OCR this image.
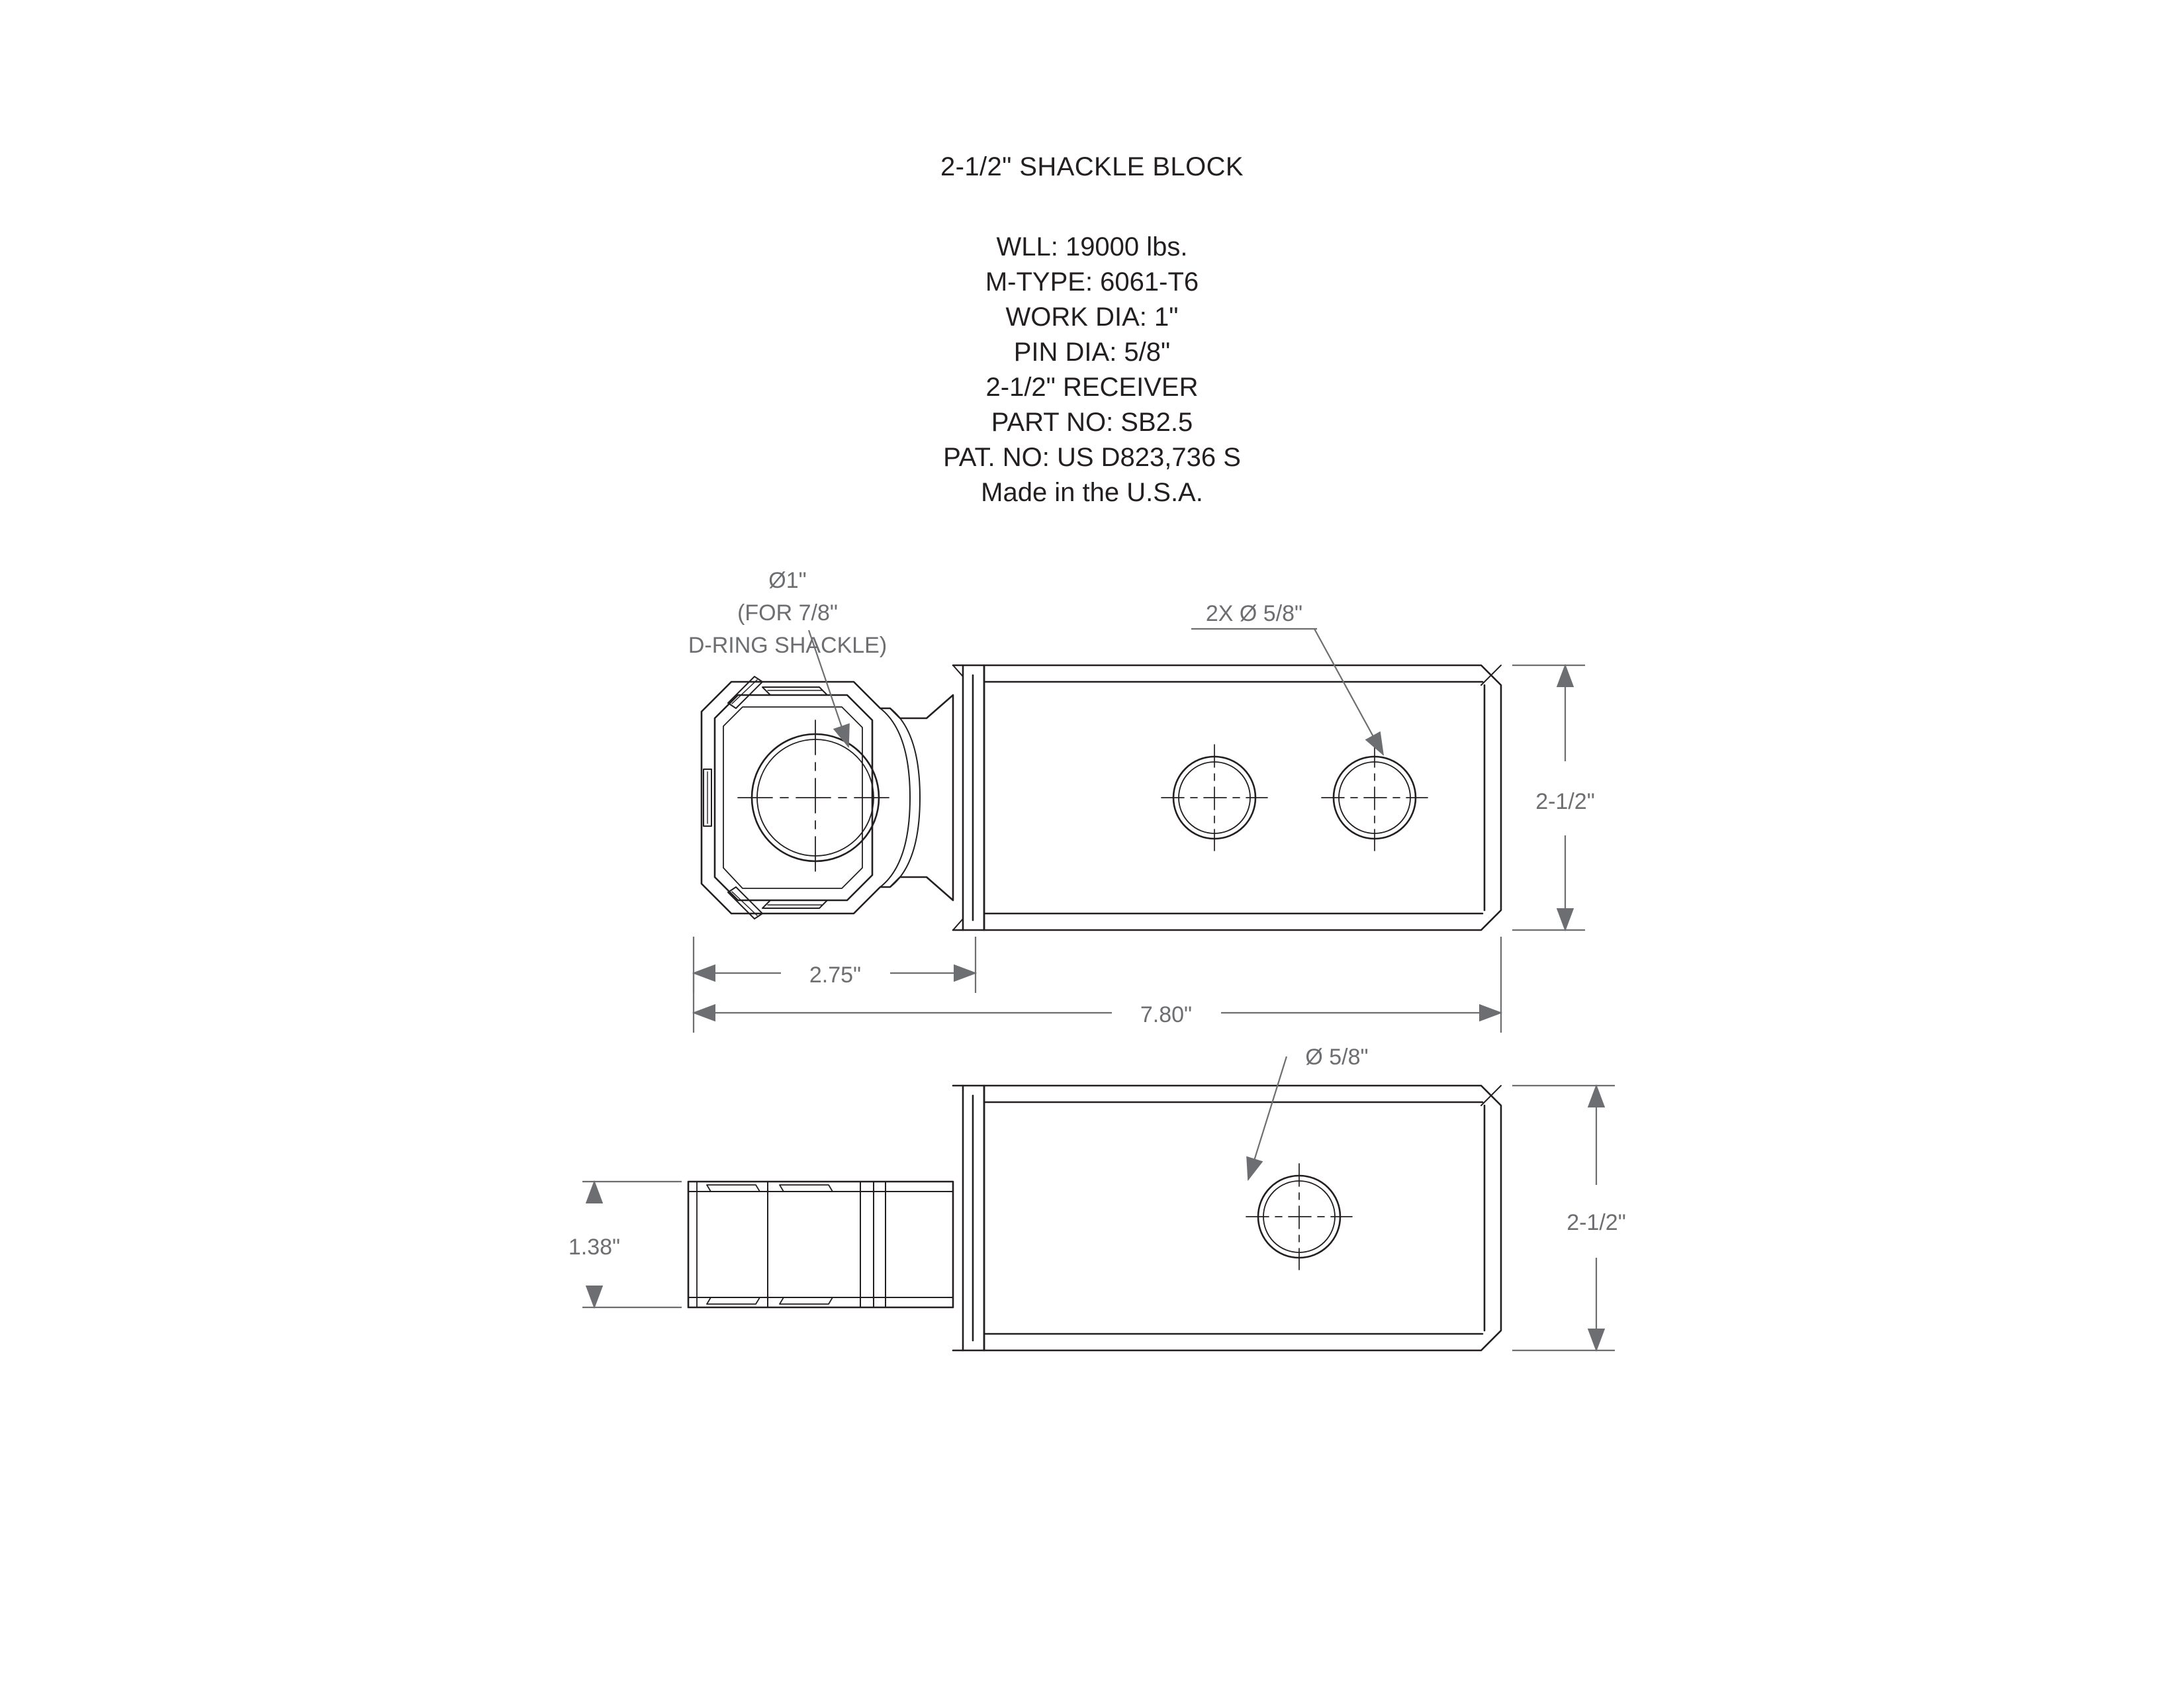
2-1/2" SHACKLE BLOCK
WLL: 19000 lbs.
M-TYPE: 6061-T6
WORK DIA: 1"
PIN DIA: 5/8"
2-1/2" RECEIVER
PART NO: SB2.5
PAT. NO: US D823,736 S
Made in the U.S.A.
2-1/2"
2.75"
7.80"
1.38"
2-1/2"
Ø1"
(FOR 7/8"
D-RING SHACKLE)
2X Ø 5/8"
Ø 5/8"
